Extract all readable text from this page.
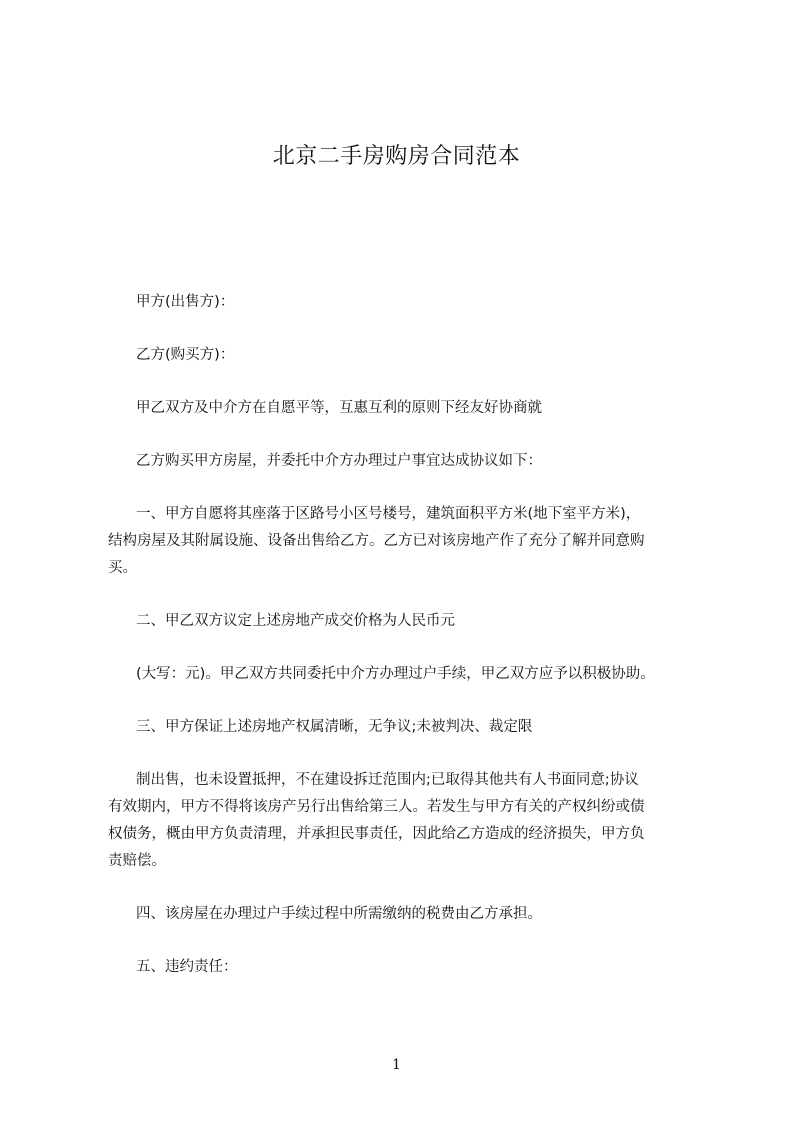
北京二手房购房合同范本
甲方(出售方)：
乙方(购买方)：
甲乙双方及中介方在自愿平等，互惠互利的原则下经友好协商就
乙方购买甲方房屋，并委托中介方办理过户事宜达成协议如下：
一、甲方自愿将其座落于区路号小区号楼号，建筑面积平方米(地下室平方米)，
结构房屋及其附属设施、设备出售给乙方。乙方已对该房地产作了充分了解并同意购
买。
二、甲乙双方议定上述房地产成交价格为人民币元
(大写：元)。甲乙双方共同委托中介方办理过户手续，甲乙双方应予以积极协助。
三、甲方保证上述房地产权属清晰，无争议;未被判决、裁定限
制出售，也未设置抵押，不在建设拆迁范围内;已取得其他共有人书面同意;协议
有效期内，甲方不得将该房产另行出售给第三人。若发生与甲方有关的产权纠纷或债
权债务，概由甲方负责清理，并承担民事责任，因此给乙方造成的经济损失，甲方负
责赔偿。
四、该房屋在办理过户手续过程中所需缴纳的税费由乙方承担。
五、违约责任：
1
